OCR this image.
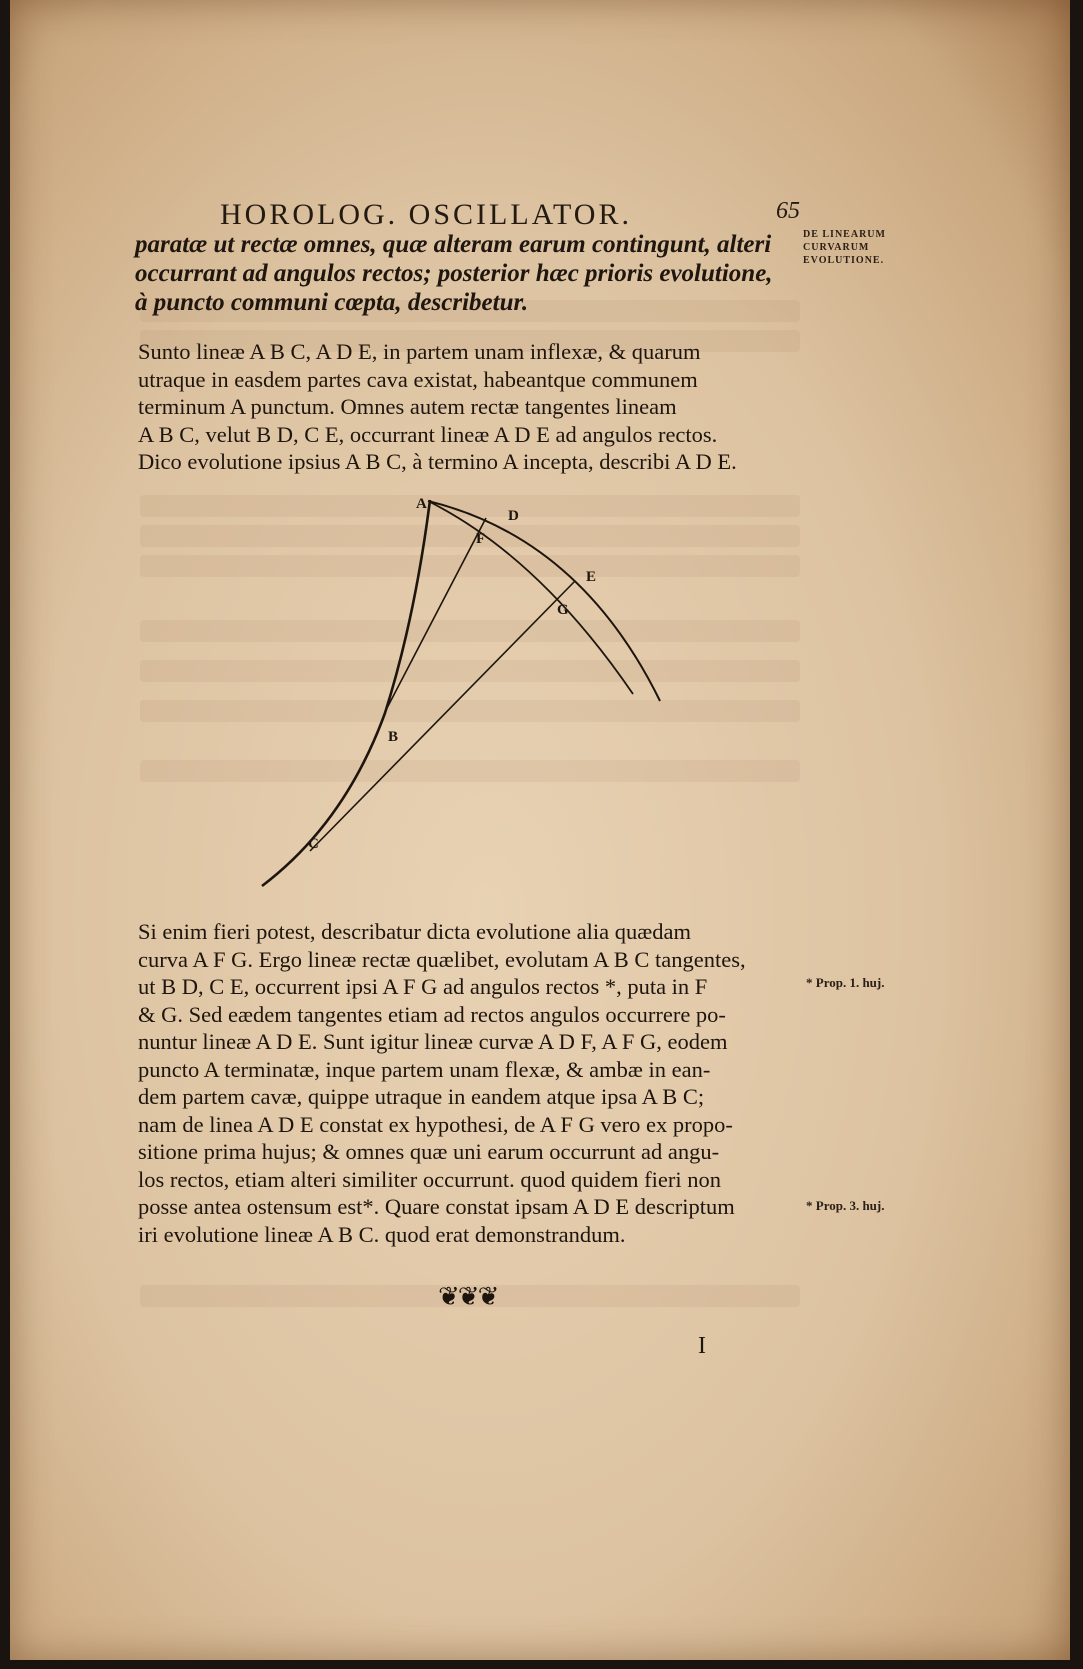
HOROLOG. OSCILLATOR.	65
DE LINEARUM
CURVARUM
EVOLUTIONE.
paratæ ut rectæ omnes, quæ alteram earum contingunt, alteri
occurrant ad angulos rectos; posterior hæc prioris evolutione,
à puncto communi cœpta, describetur.
Sunto lineæ A B C, A D E, in partem unam inflexæ, & quarum
utraque in easdem partes cava existat, habeantque communem
terminum A punctum. Omnes autem rectæ tangentes lineam
A B C, velut B D, C E, occurrant lineæ A D E ad angulos rectos.
Dico evolutione ipsius A B C, à termino A incepta, describi A D E.
A
B
C
D
E
F
G
Si enim fieri potest, describatur dicta evolutione alia quædam
curva A F G. Ergo lineæ rectæ quælibet, evolutam A B C tangentes,
ut B D, C E, occurrent ipsi A F G ad angulos rectos *, puta in F
& G. Sed eædem tangentes etiam ad rectos angulos occurrere po-
nuntur lineæ A D E. Sunt igitur lineæ curvæ A D F, A F G, eodem
puncto A terminatæ, inque partem unam flexæ, & ambæ in ean-
dem partem cavæ, quippe utraque in eandem atque ipsa A B C;
nam de linea A D E constat ex hypothesi, de A F G vero ex propo-
sitione prima hujus; & omnes quæ uni earum occurrunt ad angu-
los rectos, etiam alteri similiter occurrunt. quod quidem fieri non
posse antea ostensum est*. Quare constat ipsam A D E descriptum
iri evolutione lineæ A B C. quod erat demonstrandum.
* Prop. 1. huj.
* Prop. 3. huj.
❦❦❦
I
